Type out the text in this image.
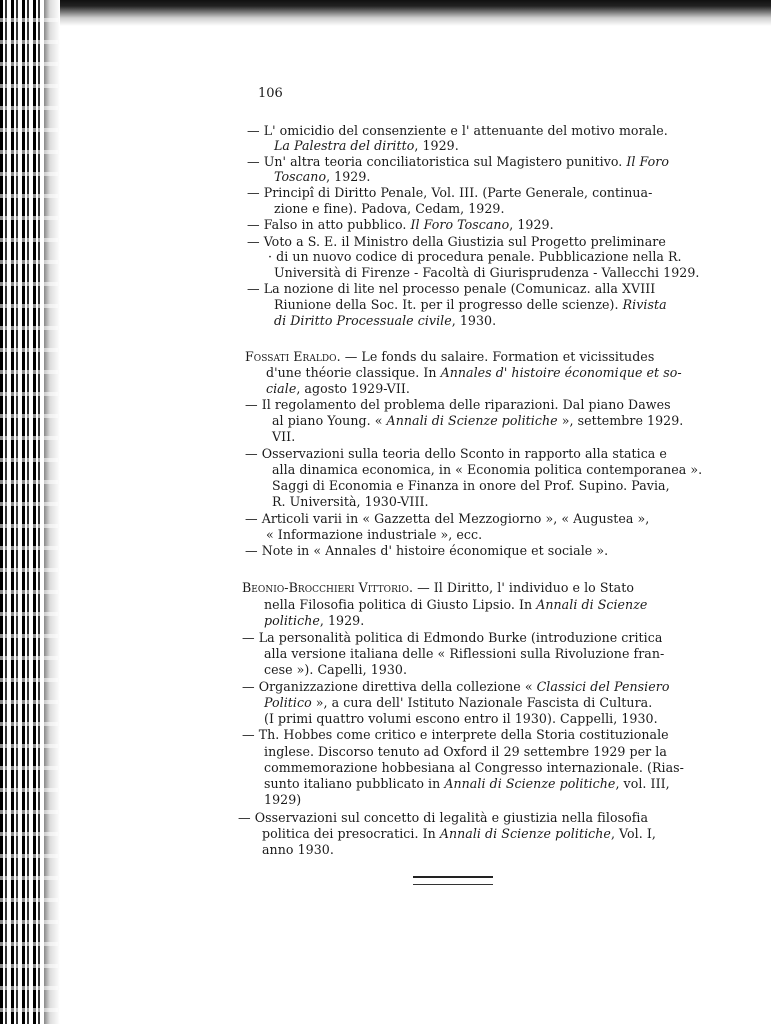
106
— L' omicidio del consenziente e l' attenuante del motivo morale.
La Palestra del diritto, 1929.
— Un' altra teoria conciliatoristica sul Magistero punitivo. Il Foro
Toscano, 1929.
— Principî di Diritto Penale, Vol. III. (Parte Generale, continua-
zione e fine). Padova, Cedam, 1929.
— Falso in atto pubblico. Il Foro Toscano, 1929.
— Voto a S. E. il Ministro della Giustizia sul Progetto preliminare
· di un nuovo codice di procedura penale. Pubblicazione nella R.
Università di Firenze - Facoltà di Giurisprudenza - Vallecchi 1929.
— La nozione di lite nel processo penale (Comunicaz. alla XVIII
Riunione della Soc. It. per il progresso delle scienze). Rivista
di Diritto Processuale civile, 1930.
Fossati Eraldo. — Le fonds du salaire. Formation et vicissitudes
d'une théorie classique. In Annales d' histoire économique et so-
ciale, agosto 1929-VII.
— Il regolamento del problema delle riparazioni. Dal piano Dawes
al piano Young. « Annali di Scienze politiche », settembre 1929.
VII.
— Osservazioni sulla teoria dello Sconto in rapporto alla statica e
alla dinamica economica, in « Economia politica contemporanea ».
Saggi di Economia e Finanza in onore del Prof. Supino. Pavia,
R. Università, 1930-VIII.
— Articoli varii in « Gazzetta del Mezzogiorno », « Augustea »,
« Informazione industriale », ecc.
— Note in « Annales d' histoire économique et sociale ».
Beonio-Brocchieri Vittorio. — Il Diritto, l' individuo e lo Stato
nella Filosofia politica di Giusto Lipsio. In Annali di Scienze
politiche, 1929.
— La personalità politica di Edmondo Burke (introduzione critica
alla versione italiana delle « Riflessioni sulla Rivoluzione fran-
cese »). Capelli, 1930.
— Organizzazione direttiva della collezione « Classici del Pensiero
Politico », a cura dell' Istituto Nazionale Fascista di Cultura.
(I primi quattro volumi escono entro il 1930). Cappelli, 1930.
— Th. Hobbes come critico e interprete della Storia costituzionale
inglese. Discorso tenuto ad Oxford il 29 settembre 1929 per la
commemorazione hobbesiana al Congresso internazionale. (Rias-
sunto italiano pubblicato in Annali di Scienze politiche, vol. III,
1929)
— Osservazioni sul concetto di legalità e giustizia nella filosofia
politica dei presocratici. In Annali di Scienze politiche, Vol. I,
anno 1930.
